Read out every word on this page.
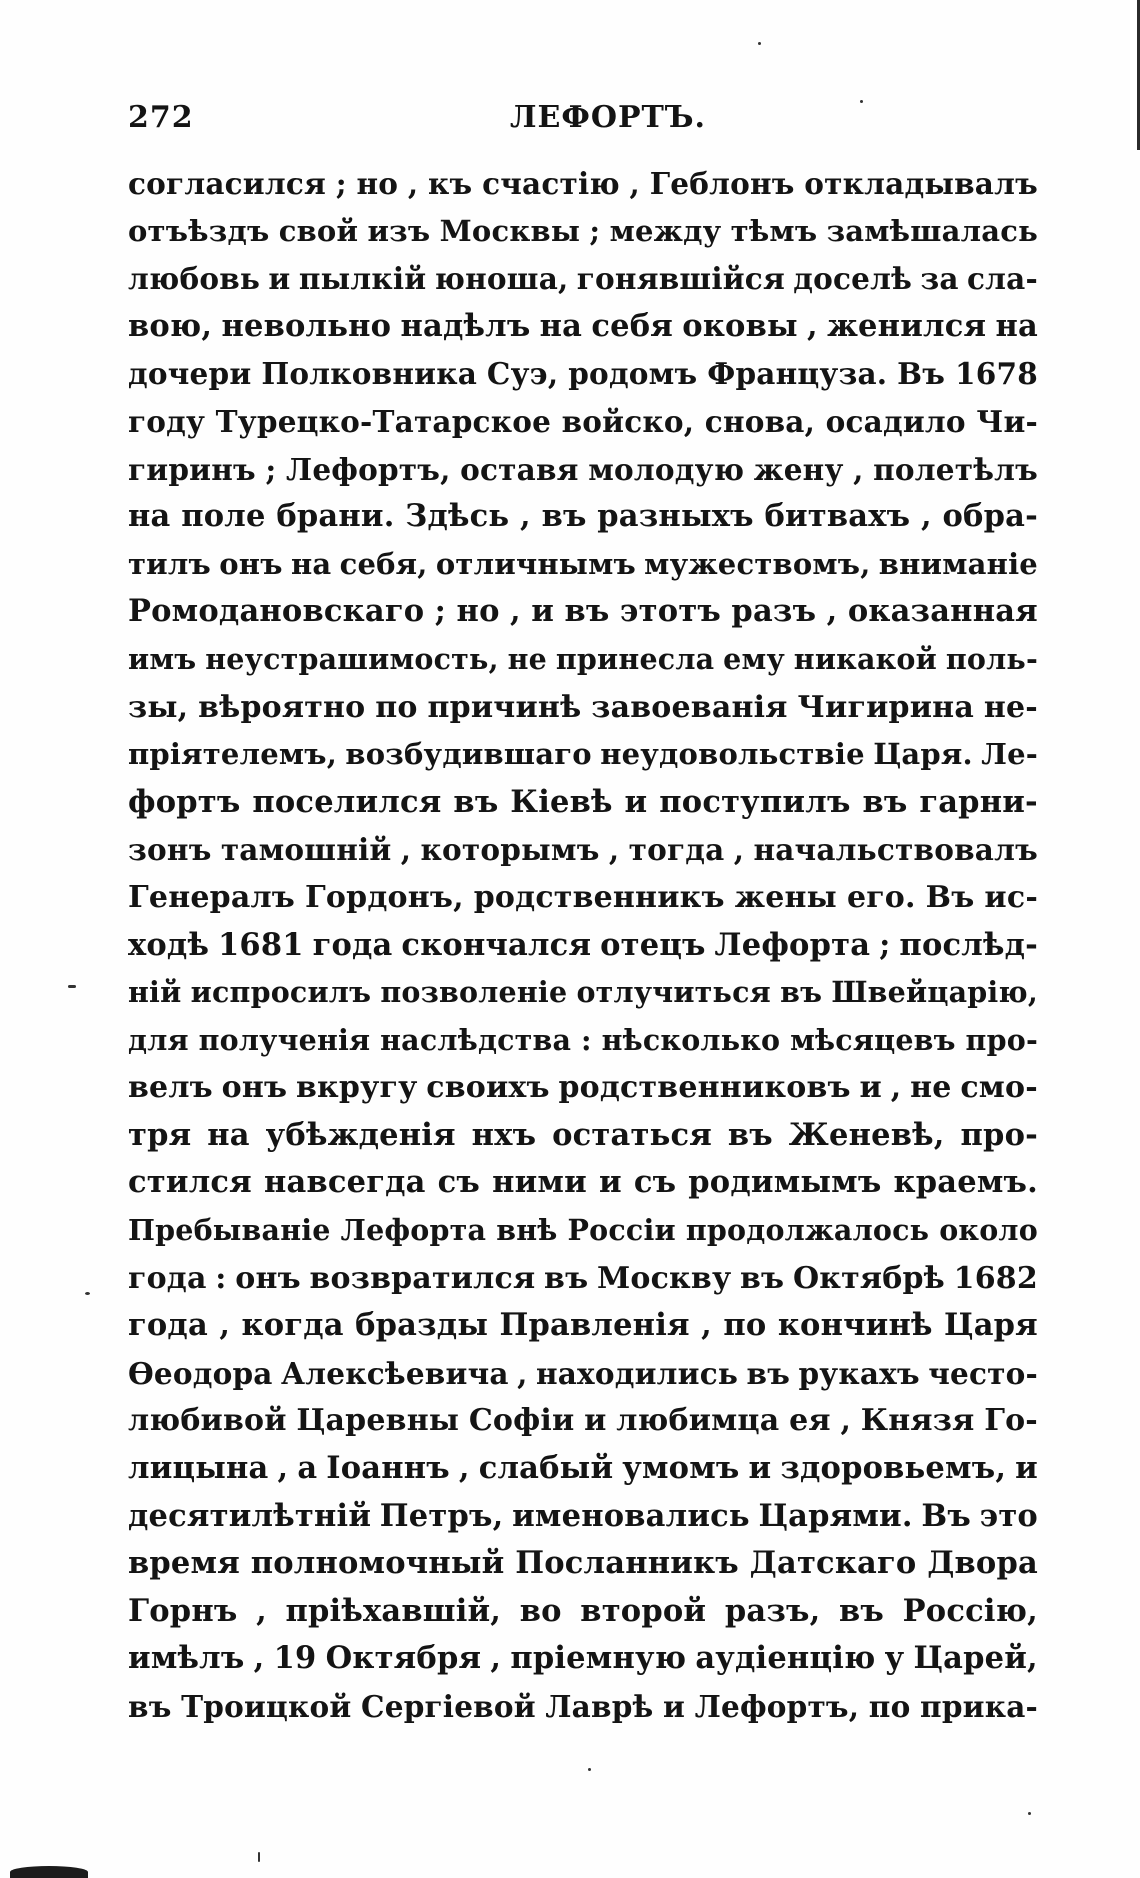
272	ЛЕФОРТЪ.
согласился ; но , къ счастію , Геблонъ откладывалъ
отъѣздъ свой изъ Москвы ; между тѣмъ замѣшалась
любовь и пылкій юноша, гонявшійся доселѣ за сла-
вою, невольно надѣлъ на себя оковы , женился на
дочери Полковника Суэ, родомъ Француза. Въ 1678
году Турецко-Татарское войско, снова, осадило Чи-
гиринъ ; Лефортъ, оставя молодую жену , полетѣлъ
на поле брани. Здѣсь , въ разныхъ битвахъ , обра-
тилъ онъ на себя, отличнымъ мужествомъ, вниманіе
Ромодановскаго ; но , и въ этотъ разъ , оказанная
имъ неустрашимость, не принесла ему никакой поль-
зы, вѣроятно по причинѣ завоеванія Чигирина не-
пріятелемъ, возбудившаго неудовольствіе Царя. Ле-
фортъ поселился въ Кіевѣ и поступилъ въ гарни-
зонъ тамошній , которымъ , тогда , начальствовалъ
Генералъ Гордонъ, родственникъ жены его. Въ ис-
ходѣ 1681 года скончался отецъ Лефорта ; послѣд-
ній испросилъ позволеніе отлучиться въ Швейцарію,
для полученія наслѣдства : нѣсколько мѣсяцевъ про-
велъ онъ вкругу своихъ родственниковъ и , не смо-
тря на убѣжденія нхъ остаться въ Женевѣ, про-
стился навсегда съ ними и съ родимымъ краемъ.
Пребываніе Лефорта внѣ Россіи продолжалось около
года : онъ возвратился въ Москву въ Октябрѣ 1682
года , когда бразды Правленія , по кончинѣ Царя
Ѳеодора Алексѣевича , находились въ рукахъ често-
любивой Царевны Софіи и любимца ея , Князя Го-
лицына , а Іоаннъ , слабый умомъ и здоровьемъ, и
десятилѣтній Петръ, именовались Царями. Въ это
время полномочный Посланникъ Датскаго Двора
Горнъ , пріѣхавшій, во второй разъ, въ Россію,
имѣлъ , 19 Октября , пріемную аудіенцію у Царей,
въ Троицкой Сергіевой Лаврѣ и Лефортъ, по прика-
